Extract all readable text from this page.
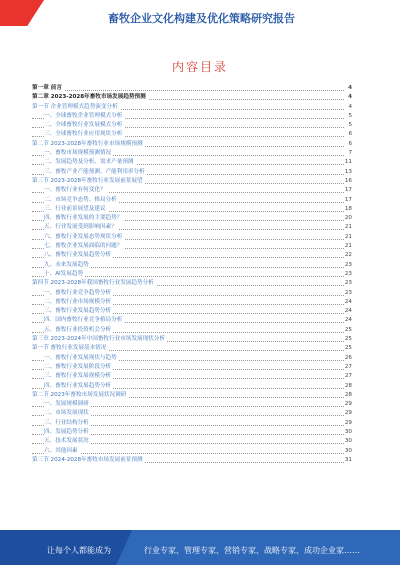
畜牧企业文化构建及优化策略研究报告
内容目录
第一章 前言	4
第二章 2023-2028年畜牧市场发展趋势预测	4
第一节 企业管理模式趋势演变分析	4
一、全球畜牧企业管理模式分析	5
二、全球畜牧行业发展模式分析	5
三、全球畜牧行业应用现状分析	6
第二节 2023-2028年畜牧行业市场规模预测	6
一、畜牧市场规模预测情况	7
二、发展趋势及分析、需求产量预测	11
三、畜牧产业产能预测、产能利用率分析	13
第三节 2023-2028年畜牧行业发展前景展望	16
一、畜牧行业有何变化？	17
二、市场竞争态势、格局分析	17
三、行业前景展望及建议	18
四、畜牧行业发展的主要趋势？	20
五、行业发展受到影响因素？	21
六、畜牧行业发展态势现状分析	21
七、畜牧企业发展面临的问题？	21
八、畜牧行业发展趋势分析	22
九、未来发展趋势	23
十、AI发展趋势	23
第四节 2023-2028年我国畜牧行业发展趋势分析	23
一、畜牧行业竞争趋势分析	23
二、畜牧行业市场规模分析	24
三、畜牧行业发展趋势分析	24
四、国内畜牧行业竞争格局分析	24
五、畜牧行业投资机会分析	25
第三章 2023-2024年中国畜牧行业市场发展现状分析	25
第一节 畜牧行业发展基本情况	25
一、畜牧行业发展现状与趋势	26
二、畜牧行业发展阶段分析	27
三、畜牧行业发展规模分析	27
四、畜牧行业发展趋势分析	28
第二节 2023年畜牧市场发展状况调研	28
一、发展规模调研	29
二、市场发展现状	29
三、行业结构分析	29
四、发展趋势分析	30
五、技术发展状况	30
六、其他因素	30
第三节 2024-2028年畜牧市场发展前景预测	31
让每个人都能成为	行业专家、管理专家、营销专家、战略专家、成功企业家……
